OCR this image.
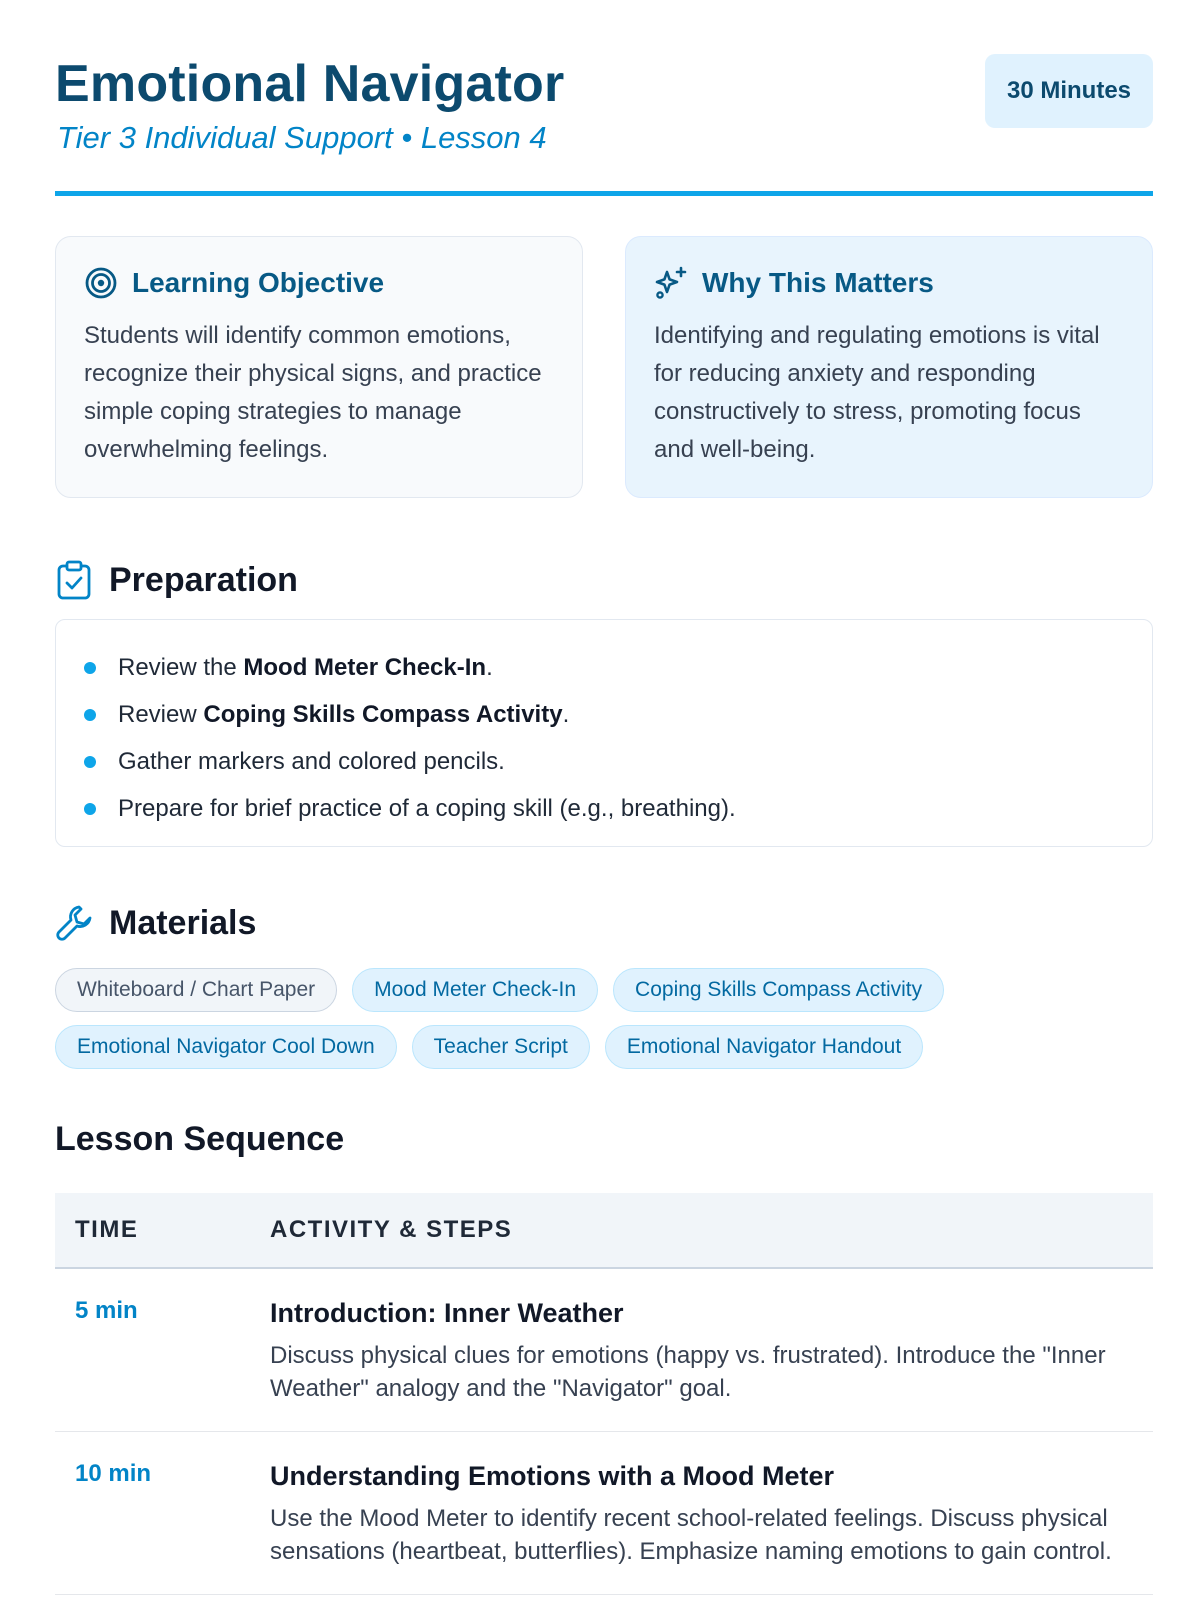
Emotional Navigator
Tier 3 Individual Support • Lesson 4
30 Minutes
Learning Objective
Students will identify common emotions, recognize their physical signs, and practice simple coping strategies to manage overwhelming feelings.
Why This Matters
Identifying and regulating emotions is vital for reducing anxiety and responding constructively to stress, promoting focus and well-being.
Preparation
Review the Mood Meter Check-In.
Review Coping Skills Compass Activity.
Gather markers and colored pencils.
Prepare for brief practice of a coping skill (e.g., breathing).
Materials
Whiteboard / Chart Paper	Mood Meter Check-In	Coping Skills Compass Activity
Emotional Navigator Cool Down	Teacher Script	Emotional Navigator Handout
Lesson Sequence
TIME	ACTIVITY & STEPS
5 min	Introduction: Inner Weather
Discuss physical clues for emotions (happy vs. frustrated). Introduce the "Inner Weather" analogy and the "Navigator" goal.
10 min	Understanding Emotions with a Mood Meter
Use the Mood Meter to identify recent school-related feelings. Discuss physical sensations (heartbeat, butterflies). Emphasize naming emotions to gain control.
